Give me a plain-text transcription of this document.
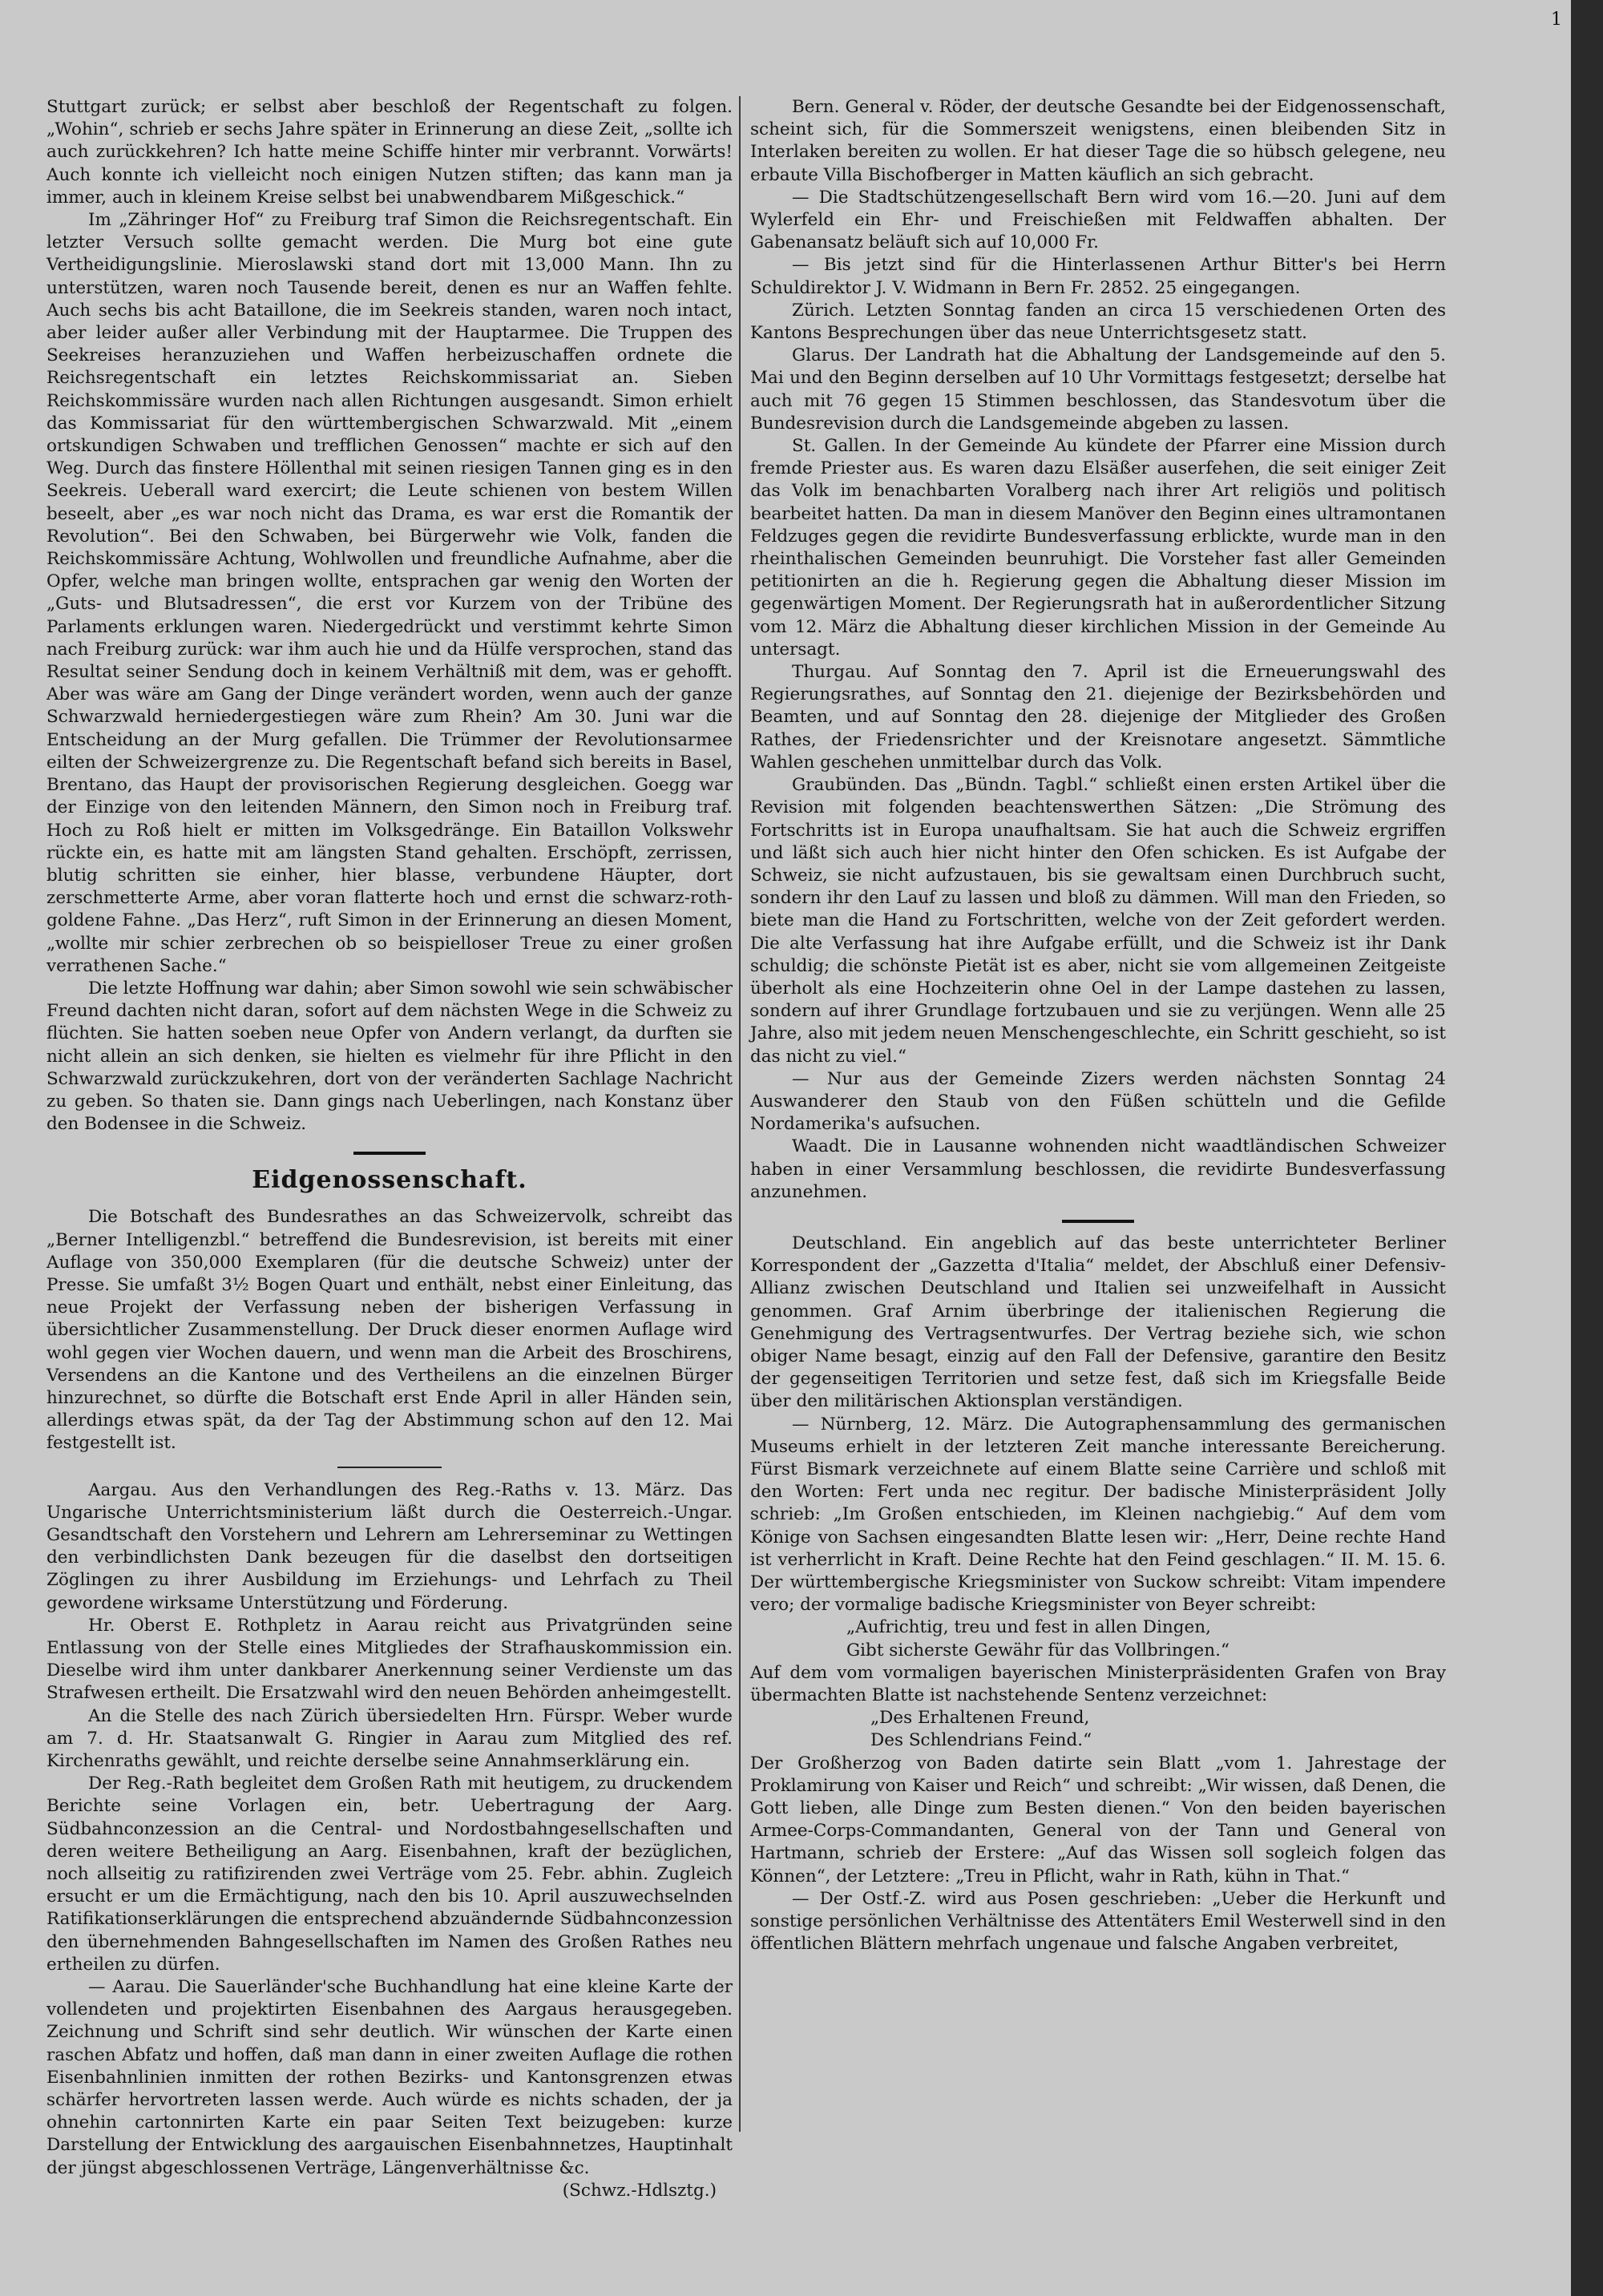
Stuttgart zurück; er selbst aber beschloß der Regentschaft zu folgen. „Wohin“, schrieb er sechs Jahre später in Erinnerung an diese Zeit, „sollte ich auch zurückkehren? Ich hatte meine Schiffe hinter mir verbrannt. Vorwärts! Auch konnte ich vielleicht noch einigen Nutzen stiften; das kann man ja immer, auch in kleinem Kreise selbst bei unabwendbarem Mißgeschick.“

Im „Zähringer Hof“ zu Freiburg traf Simon die Reichsregentschaft. Ein letzter Versuch sollte gemacht werden. Die Murg bot eine gute Vertheidigungslinie. Mieroslawski stand dort mit 13,000 Mann. Ihn zu unterstützen, waren noch Tausende bereit, denen es nur an Waffen fehlte. Auch sechs bis acht Bataillone, die im Seekreis standen, waren noch intact, aber leider außer aller Verbindung mit der Hauptarmee. Die Truppen des Seekreises heranzuziehen und Waffen herbeizuschaffen ordnete die Reichsregentschaft ein letztes Reichskommissariat an. Sieben Reichskommissäre wurden nach allen Richtungen ausgesandt. Simon erhielt das Kommissariat für den württembergischen Schwarzwald. Mit „einem ortskundigen Schwaben und trefflichen Genossen“ machte er sich auf den Weg. Durch das finstere Höllenthal mit seinen riesigen Tannen ging es in den Seekreis. Ueberall ward exercirt; die Leute schienen von bestem Willen beseelt, aber „es war noch nicht das Drama, es war erst die Romantik der Revolution“. Bei den Schwaben, bei Bürgerwehr wie Volk, fanden die Reichskommissäre Achtung, Wohlwollen und freundliche Aufnahme, aber die Opfer, welche man bringen wollte, entsprachen gar wenig den Worten der „Guts- und Blutsadressen“, die erst vor Kurzem von der Tribüne des Parlaments erklungen waren. Niedergedrückt und verstimmt kehrte Simon nach Freiburg zurück: war ihm auch hie und da Hülfe versprochen, stand das Resultat seiner Sendung doch in keinem Verhältniß mit dem, was er gehofft. Aber was wäre am Gang der Dinge verändert worden, wenn auch der ganze Schwarzwald herniedergestiegen wäre zum Rhein? Am 30. Juni war die Entscheidung an der Murg gefallen. Die Trümmer der Revolutionsarmee eilten der Schweizergrenze zu. Die Regentschaft befand sich bereits in Basel, Brentano, das Haupt der provisorischen Regierung desgleichen. Goegg war der Einzige von den leitenden Männern, den Simon noch in Freiburg traf. Hoch zu Roß hielt er mitten im Volksgedränge. Ein Bataillon Volkswehr rückte ein, es hatte mit am längsten Stand gehalten. Erschöpft, zerrissen, blutig schritten sie einher, hier blasse, verbundene Häupter, dort zerschmetterte Arme, aber voran flatterte hoch und ernst die schwarz-roth-goldene Fahne. „Das Herz“, ruft Simon in der Erinnerung an diesen Moment, „wollte mir schier zerbrechen ob so beispielloser Treue zu einer großen verrathenen Sache.“

Die letzte Hoffnung war dahin; aber Simon sowohl wie sein schwäbischer Freund dachten nicht daran, sofort auf dem nächsten Wege in die Schweiz zu flüchten. Sie hatten soeben neue Opfer von Andern verlangt, da durften sie nicht allein an sich denken, sie hielten es vielmehr für ihre Pflicht in den Schwarzwald zurückzukehren, dort von der veränderten Sachlage Nachricht zu geben. So thaten sie. Dann gings nach Ueberlingen, nach Konstanz über den Bodensee in die Schweiz.

Eidgenossenschaft.

Die Botschaft des Bundesrathes an das Schweizervolk, schreibt das „Berner Intelligenzbl.“ betreffend die Bundesrevision, ist bereits mit einer Auflage von 350,000 Exemplaren (für die deutsche Schweiz) unter der Presse. Sie umfaßt 3½ Bogen Quart und enthält, nebst einer Einleitung, das neue Projekt der Verfassung neben der bisherigen Verfassung in übersichtlicher Zusammenstellung. Der Druck dieser enormen Auflage wird wohl gegen vier Wochen dauern, und wenn man die Arbeit des Broschirens, Versendens an die Kantone und des Vertheilens an die einzelnen Bürger hinzurechnet, so dürfte die Botschaft erst Ende April in aller Händen sein, allerdings etwas spät, da der Tag der Abstimmung schon auf den 12. Mai festgestellt ist.

Aargau. Aus den Verhandlungen des Reg.-Raths v. 13. März. Das Ungarische Unterrichtsministerium läßt durch die Oesterreich.-Ungar. Gesandtschaft den Vorstehern und Lehrern am Lehrerseminar zu Wettingen den verbindlichsten Dank bezeugen für die daselbst den dortseitigen Zöglingen zu ihrer Ausbildung im Erziehungs- und Lehrfach zu Theil gewordene wirksame Unterstützung und Förderung.

Hr. Oberst E. Rothpletz in Aarau reicht aus Privatgründen seine Entlassung von der Stelle eines Mitgliedes der Strafhauskommission ein. Dieselbe wird ihm unter dankbarer Anerkennung seiner Verdienste um das Strafwesen ertheilt. Die Ersatzwahl wird den neuen Behörden anheimgestellt.

An die Stelle des nach Zürich übersiedelten Hrn. Fürspr. Weber wurde am 7. d. Hr. Staatsanwalt G. Ringier in Aarau zum Mitglied des ref. Kirchenraths gewählt, und reichte derselbe seine Annahmserklärung ein.

Der Reg.-Rath begleitet dem Großen Rath mit heutigem, zu druckendem Berichte seine Vorlagen ein, betr. Uebertragung der Aarg. Südbahnconzession an die Central- und Nordostbahngesellschaften und deren weitere Betheiligung an Aarg. Eisenbahnen, kraft der bezüglichen, noch allseitig zu ratifizirenden zwei Verträge vom 25. Febr. abhin. Zugleich ersucht er um die Ermächtigung, nach den bis 10. April auszuwechselnden Ratifikationserklärungen die entsprechend abzuändernde Südbahnconzession den übernehmenden Bahngesellschaften im Namen des Großen Rathes neu ertheilen zu dürfen.

— Aarau. Die Sauerländer'sche Buchhandlung hat eine kleine Karte der vollendeten und projektirten Eisenbahnen des Aargaus herausgegeben. Zeichnung und Schrift sind sehr deutlich. Wir wünschen der Karte einen raschen Abfatz und hoffen, daß man dann in einer zweiten Auflage die rothen Eisenbahnlinien inmitten der rothen Bezirks- und Kantonsgrenzen etwas schärfer hervortreten lassen werde. Auch würde es nichts schaden, der ja ohnehin cartonnirten Karte ein paar Seiten Text beizugeben: kurze Darstellung der Entwicklung des aargauischen Eisenbahnnetzes, Hauptinhalt der jüngst abgeschlossenen Verträge, Längenverhältnisse &c.

(Schwz.-Hdlsztg.)

Bern. General v. Röder, der deutsche Gesandte bei der Eidgenossenschaft, scheint sich, für die Sommerszeit wenigstens, einen bleibenden Sitz in Interlaken bereiten zu wollen. Er hat dieser Tage die so hübsch gelegene, neu erbaute Villa Bischofberger in Matten käuflich an sich gebracht.

— Die Stadtschützengesellschaft Bern wird vom 16.—20. Juni auf dem Wylerfeld ein Ehr- und Freischießen mit Feldwaffen abhalten. Der Gabenansatz beläuft sich auf 10,000 Fr.

— Bis jetzt sind für die Hinterlassenen Arthur Bitter's bei Herrn Schuldirektor J. V. Widmann in Bern Fr. 2852. 25 eingegangen.

Zürich. Letzten Sonntag fanden an circa 15 verschiedenen Orten des Kantons Besprechungen über das neue Unterrichtsgesetz statt.

Glarus. Der Landrath hat die Abhaltung der Landsgemeinde auf den 5. Mai und den Beginn derselben auf 10 Uhr Vormittags festgesetzt; derselbe hat auch mit 76 gegen 15 Stimmen beschlossen, das Standesvotum über die Bundesrevision durch die Landsgemeinde abgeben zu lassen.

St. Gallen. In der Gemeinde Au kündete der Pfarrer eine Mission durch fremde Priester aus. Es waren dazu Elsäßer auserfehen, die seit einiger Zeit das Volk im benachbarten Voralberg nach ihrer Art religiös und politisch bearbeitet hatten. Da man in diesem Manöver den Beginn eines ultramontanen Feldzuges gegen die revidirte Bundesverfassung erblickte, wurde man in den rheinthalischen Gemeinden beunruhigt. Die Vorsteher fast aller Gemeinden petitionirten an die h. Regierung gegen die Abhaltung dieser Mission im gegenwärtigen Moment. Der Regierungsrath hat in außerordentlicher Sitzung vom 12. März die Abhaltung dieser kirchlichen Mission in der Gemeinde Au untersagt.

Thurgau. Auf Sonntag den 7. April ist die Erneuerungswahl des Regierungsrathes, auf Sonntag den 21. diejenige der Bezirksbehörden und Beamten, und auf Sonntag den 28. diejenige der Mitglieder des Großen Rathes, der Friedensrichter und der Kreisnotare angesetzt. Sämmtliche Wahlen geschehen unmittelbar durch das Volk.

Graubünden. Das „Bündn. Tagbl.“ schließt einen ersten Artikel über die Revision mit folgenden beachtenswerthen Sätzen: „Die Strömung des Fortschritts ist in Europa unaufhaltsam. Sie hat auch die Schweiz ergriffen und läßt sich auch hier nicht hinter den Ofen schicken. Es ist Aufgabe der Schweiz, sie nicht aufzustauen, bis sie gewaltsam einen Durchbruch sucht, sondern ihr den Lauf zu lassen und bloß zu dämmen. Will man den Frieden, so biete man die Hand zu Fortschritten, welche von der Zeit gefordert werden. Die alte Verfassung hat ihre Aufgabe erfüllt, und die Schweiz ist ihr Dank schuldig; die schönste Pietät ist es aber, nicht sie vom allgemeinen Zeitgeiste überholt als eine Hochzeiterin ohne Oel in der Lampe dastehen zu lassen, sondern auf ihrer Grundlage fortzubauen und sie zu verjüngen. Wenn alle 25 Jahre, also mit jedem neuen Menschengeschlechte, ein Schritt geschieht, so ist das nicht zu viel.“

— Nur aus der Gemeinde Zizers werden nächsten Sonntag 24 Auswanderer den Staub von den Füßen schütteln und die Gefilde Nordamerika's aufsuchen.

Waadt. Die in Lausanne wohnenden nicht waadtländischen Schweizer haben in einer Versammlung beschlossen, die revidirte Bundesverfassung anzunehmen.

Deutschland. Ein angeblich auf das beste unterrichteter Berliner Korrespondent der „Gazzetta d'Italia“ meldet, der Abschluß einer Defensiv-Allianz zwischen Deutschland und Italien sei unzweifelhaft in Aussicht genommen. Graf Arnim überbringe der italienischen Regierung die Genehmigung des Vertragsentwurfes. Der Vertrag beziehe sich, wie schon obiger Name besagt, einzig auf den Fall der Defensive, garantire den Besitz der gegenseitigen Territorien und setze fest, daß sich im Kriegsfalle Beide über den militärischen Aktionsplan verständigen.

— Nürnberg, 12. März. Die Autographensammlung des germanischen Museums erhielt in der letzteren Zeit manche interessante Bereicherung. Fürst Bismark verzeichnete auf einem Blatte seine Carrière und schloß mit den Worten: Fert unda nec regitur. Der badische Ministerpräsident Jolly schrieb: „Im Großen entschieden, im Kleinen nachgiebig.“ Auf dem vom Könige von Sachsen eingesandten Blatte lesen wir: „Herr, Deine rechte Hand ist verherrlicht in Kraft. Deine Rechte hat den Feind geschlagen.“ II. M. 15. 6. Der württembergische Kriegsminister von Suckow schreibt: Vitam impendere vero; der vormalige badische Kriegsminister von Beyer schreibt:

„Aufrichtig, treu und fest in allen Dingen,

Gibt sicherste Gewähr für das Vollbringen.“

Auf dem vom vormaligen bayerischen Ministerpräsidenten Grafen von Bray übermachten Blatte ist nachstehende Sentenz verzeichnet:

„Des Erhaltenen Freund,

Des Schlendrians Feind.“

Der Großherzog von Baden datirte sein Blatt „vom 1. Jahrestage der Proklamirung von Kaiser und Reich“ und schreibt: „Wir wissen, daß Denen, die Gott lieben, alle Dinge zum Besten dienen.“ Von den beiden bayerischen Armee-Corps-Commandanten, General von der Tann und General von Hartmann, schrieb der Erstere: „Auf das Wissen soll sogleich folgen das Können“, der Letztere: „Treu in Pflicht, wahr in Rath, kühn in That.“

— Der Ostf.-Z. wird aus Posen geschrieben: „Ueber die Herkunft und sonstige persönlichen Verhältnisse des Attentäters Emil Westerwell sind in den öffentlichen Blättern mehrfach ungenaue und falsche Angaben verbreitet,

1
